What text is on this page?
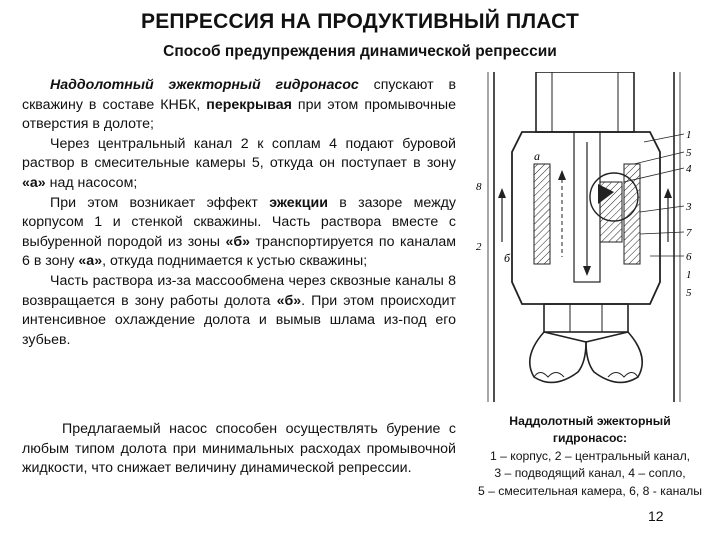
РЕПРЕССИЯ НА ПРОДУКТИВНЫЙ ПЛАСТ
Способ предупреждения динамической репрессии

Наддолотный эжекторный гидронасос спускают в скважину в составе КНБК, перекрывая при этом промывочные отверстия в долоте;

Через центральный канал 2 к соплам 4 подают буровой раствор в смесительные камеры 5, откуда он поступает в зону «а» над насосом;

При этом возникает эффект эжекции в зазоре между корпусом 1 и стенкой скважины. Часть раствора вместе с выбуренной породой из зоны «б» транспортируется по каналам 6 в зону «а», откуда поднимается к устью скважины;

Часть раствора из-за массообмена через сквозные каналы 8 возвращается в зону работы долота «б». При этом происходит интенсивное охлаждение долота и вымыв шлама из-под его зубьев.

Предлагаемый насос способен осуществлять бурение с любым типом долота при минимальных расходах промывочной жидкости, что снижает величину динамической репрессии.

а
б
1
5
4
3
8
2
7
6
1
5
Наддолотный эжекторный
гидронасос:
1 – корпус, 2 – центральный канал,
3 – подводящий канал, 4 – сопло,
5 – смесительная камера, 6, 8 - каналы
12
